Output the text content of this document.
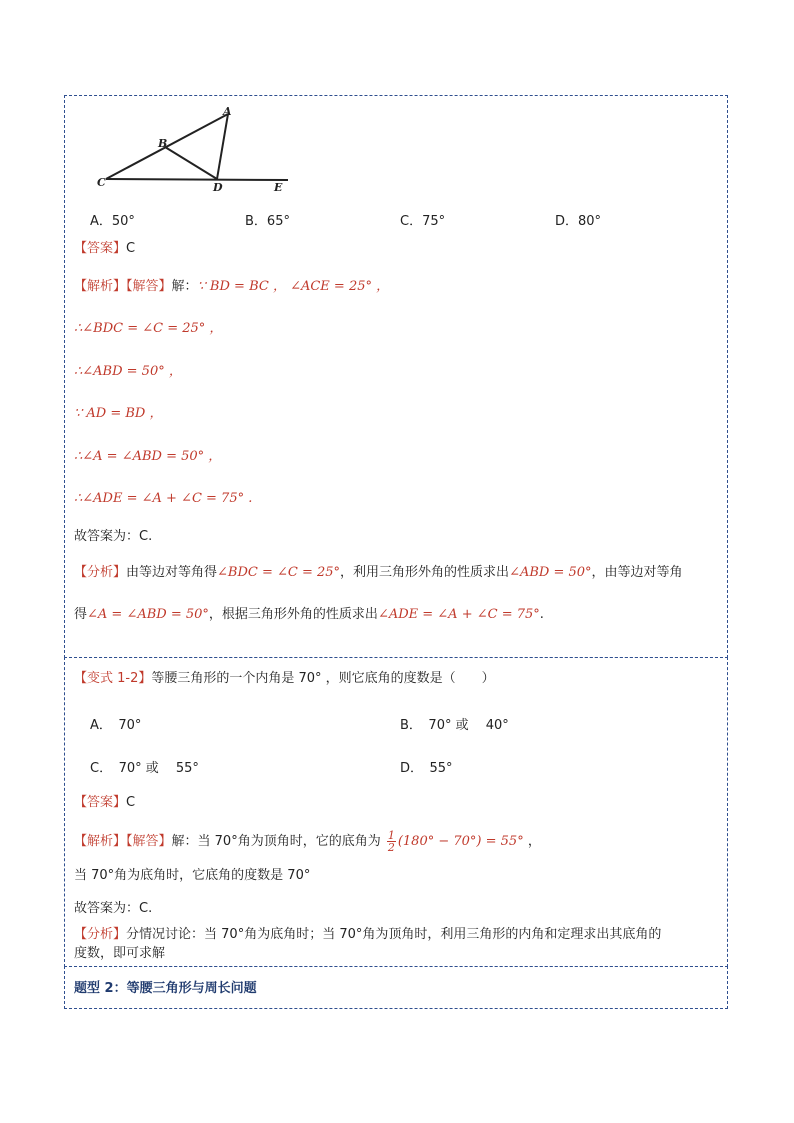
A
B
C	D	E
A．50°	B．65°	C．75°	D．80°
【答案】C
【解析】【解答】解：∵ BD = BC ， ∠ACE = 25° ，
∴∠BDC = ∠C = 25° ，
∴∠ABD = 50° ，
∵ AD = BD ，
∴∠A = ∠ABD = 50° ，
∴∠ADE = ∠A + ∠C = 75° .
故答案为：C.
【分析】由等边对等角得∠BDC = ∠C = 25°，利用三角形外角的性质求出∠ABD = 50°，由等边对等角
得∠A = ∠ABD = 50°，根据三角形外角的性质求出∠ADE = ∠A + ∠C = 75°.
【变式 1-2】等腰三角形的一个内角是 70° ，则它底角的度数是（　　）
A．　70°	B．　70° 或　 40°
C．　70° 或　 55°	D．　55°
【答案】C
【解析】【解答】解：当 70°角为顶角时，它的底角为 $\frac{1}{2} (180^\circ - 70^\circ) = 55^\circ$ ，
当 70°角为底角时，它底角的度数是 70°
故答案为：C.
【分析】分情况讨论：当 70°角为底角时；当 70°角为顶角时，利用三角形的内角和定理求出其底角的
度数，即可求解
题型 2：等腰三角形与周长问题
